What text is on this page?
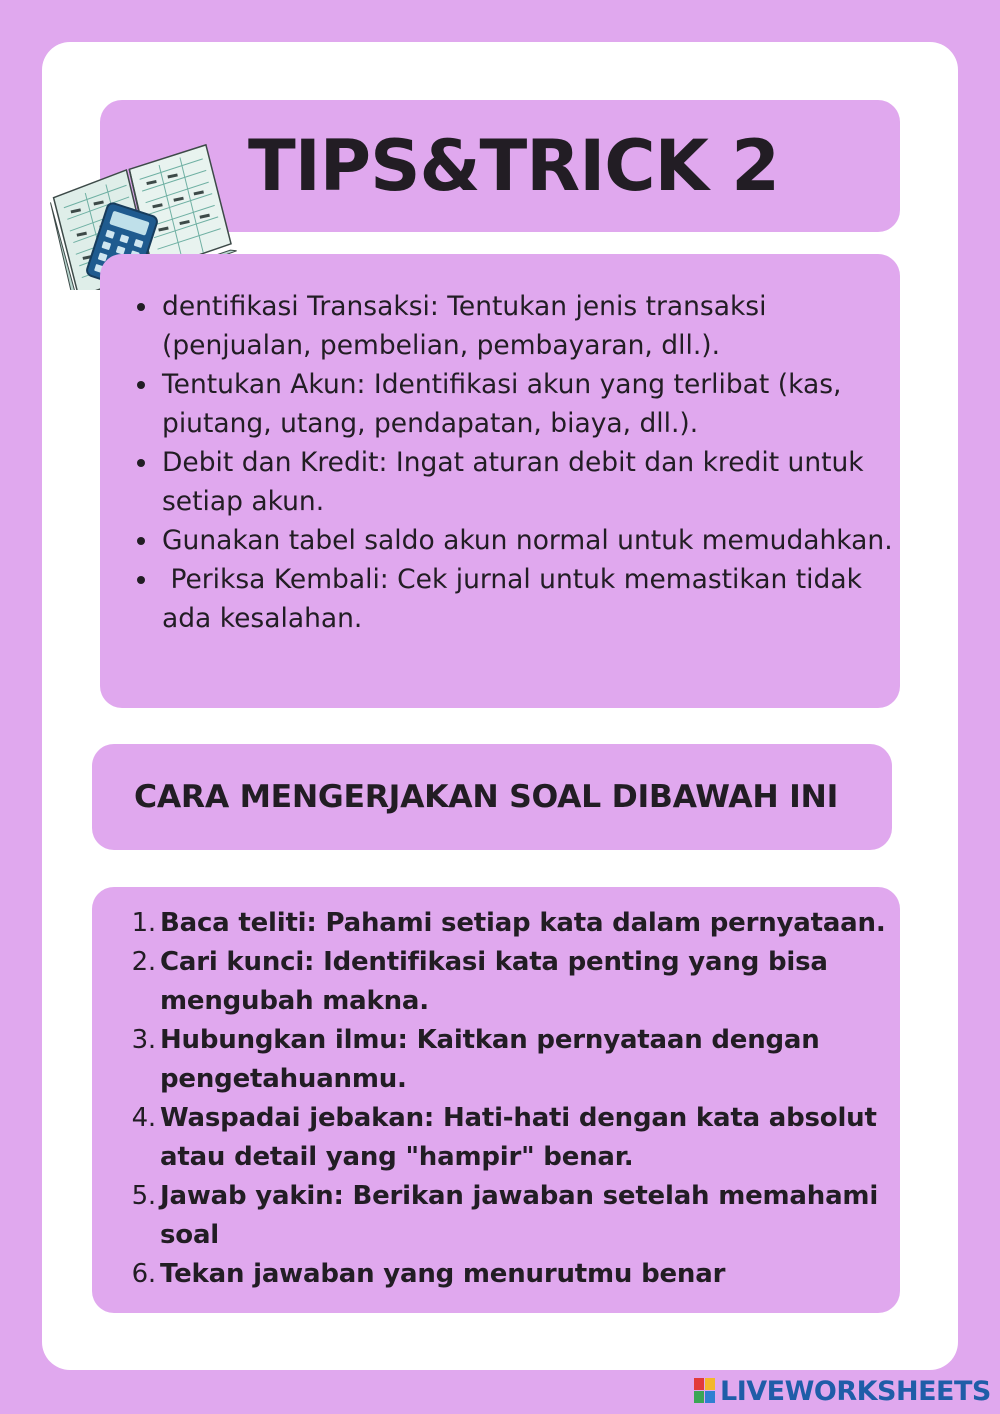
TIPS&TRICK 2
dentifikasi Transaksi: Tentukan jenis transaksi (penjualan, pembelian, pembayaran, dll.).
Tentukan Akun: Identifikasi akun yang terlibat (kas, piutang, utang, pendapatan, biaya, dll.).
Debit dan Kredit: Ingat aturan debit dan kredit untuk setiap akun.
Gunakan tabel saldo akun normal untuk memudahkan.
Periksa Kembali: Cek jurnal untuk memastikan tidak ada kesalahan.
CARA MENGERJAKAN SOAL DIBAWAH INI
1. Baca teliti: Pahami setiap kata dalam pernyataan.
2. Cari kunci: Identifikasi kata penting yang bisa mengubah makna.
3. Hubungkan ilmu: Kaitkan pernyataan dengan pengetahuanmu.
4. Waspadai jebakan: Hati-hati dengan kata absolut atau detail yang "hampir" benar.
5. Jawab yakin: Berikan jawaban setelah memahami soal
6. Tekan jawaban yang menurutmu benar
LIVEWORKSHEETS
